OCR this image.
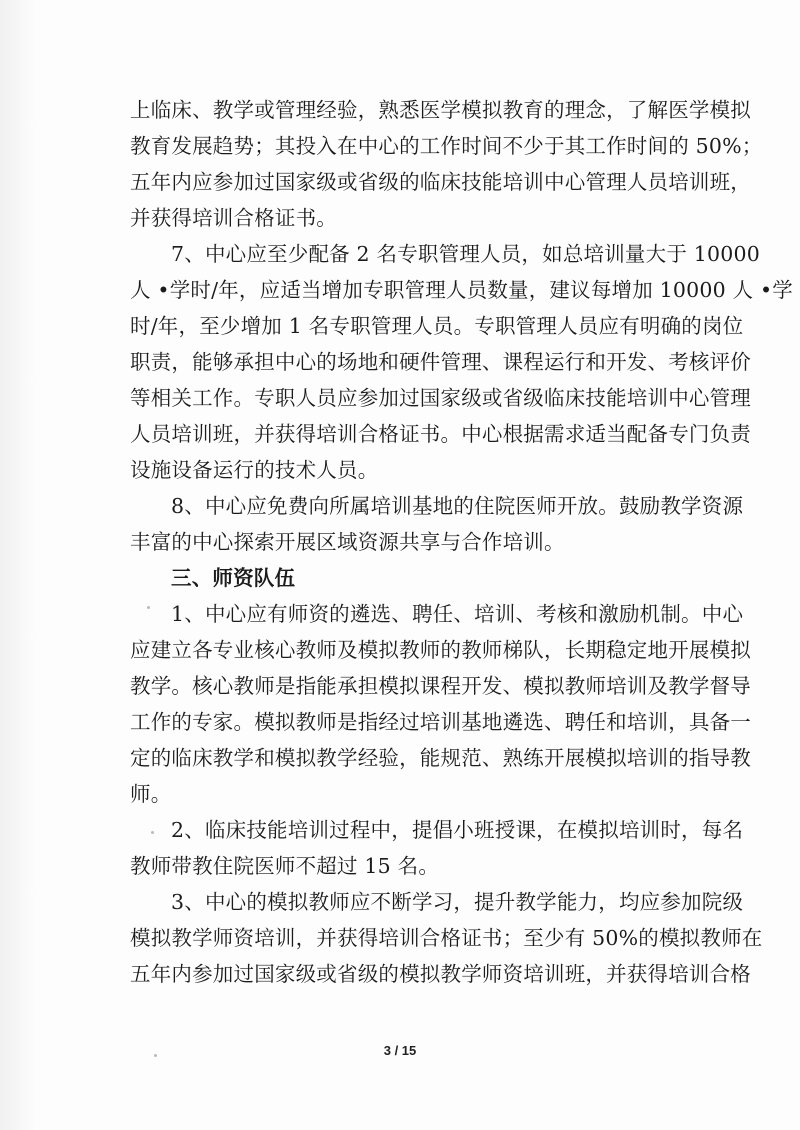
上临床、教学或管理经验，熟悉医学模拟教育的理念，了解医学模拟
教育发展趋势；其投入在中心的工作时间不少于其工作时间的 50%；
五年内应参加过国家级或省级的临床技能培训中心管理人员培训班，
并获得培训合格证书。
7、中心应至少配备 2 名专职管理人员，如总培训量大于 10000
人 •学时/年，应适当增加专职管理人员数量，建议每增加 10000 人 •学
时/年，至少增加 1 名专职管理人员。专职管理人员应有明确的岗位
职责，能够承担中心的场地和硬件管理、课程运行和开发、考核评价
等相关工作。专职人员应参加过国家级或省级临床技能培训中心管理
人员培训班，并获得培训合格证书。中心根据需求适当配备专门负责
设施设备运行的技术人员。
8、中心应免费向所属培训基地的住院医师开放。鼓励教学资源
丰富的中心探索开展区域资源共享与合作培训。
三、师资队伍
1、中心应有师资的遴选、聘任、培训、考核和激励机制。中心
应建立各专业核心教师及模拟教师的教师梯队，长期稳定地开展模拟
教学。核心教师是指能承担模拟课程开发、模拟教师培训及教学督导
工作的专家。模拟教师是指经过培训基地遴选、聘任和培训，具备一
定的临床教学和模拟教学经验，能规范、熟练开展模拟培训的指导教
师。
2、临床技能培训过程中，提倡小班授课，在模拟培训时，每名
教师带教住院医师不超过 15 名。
3、中心的模拟教师应不断学习，提升教学能力，均应参加院级
模拟教学师资培训，并获得培训合格证书；至少有 50%的模拟教师在
五年内参加过国家级或省级的模拟教学师资培训班，并获得培训合格
3 / 15
